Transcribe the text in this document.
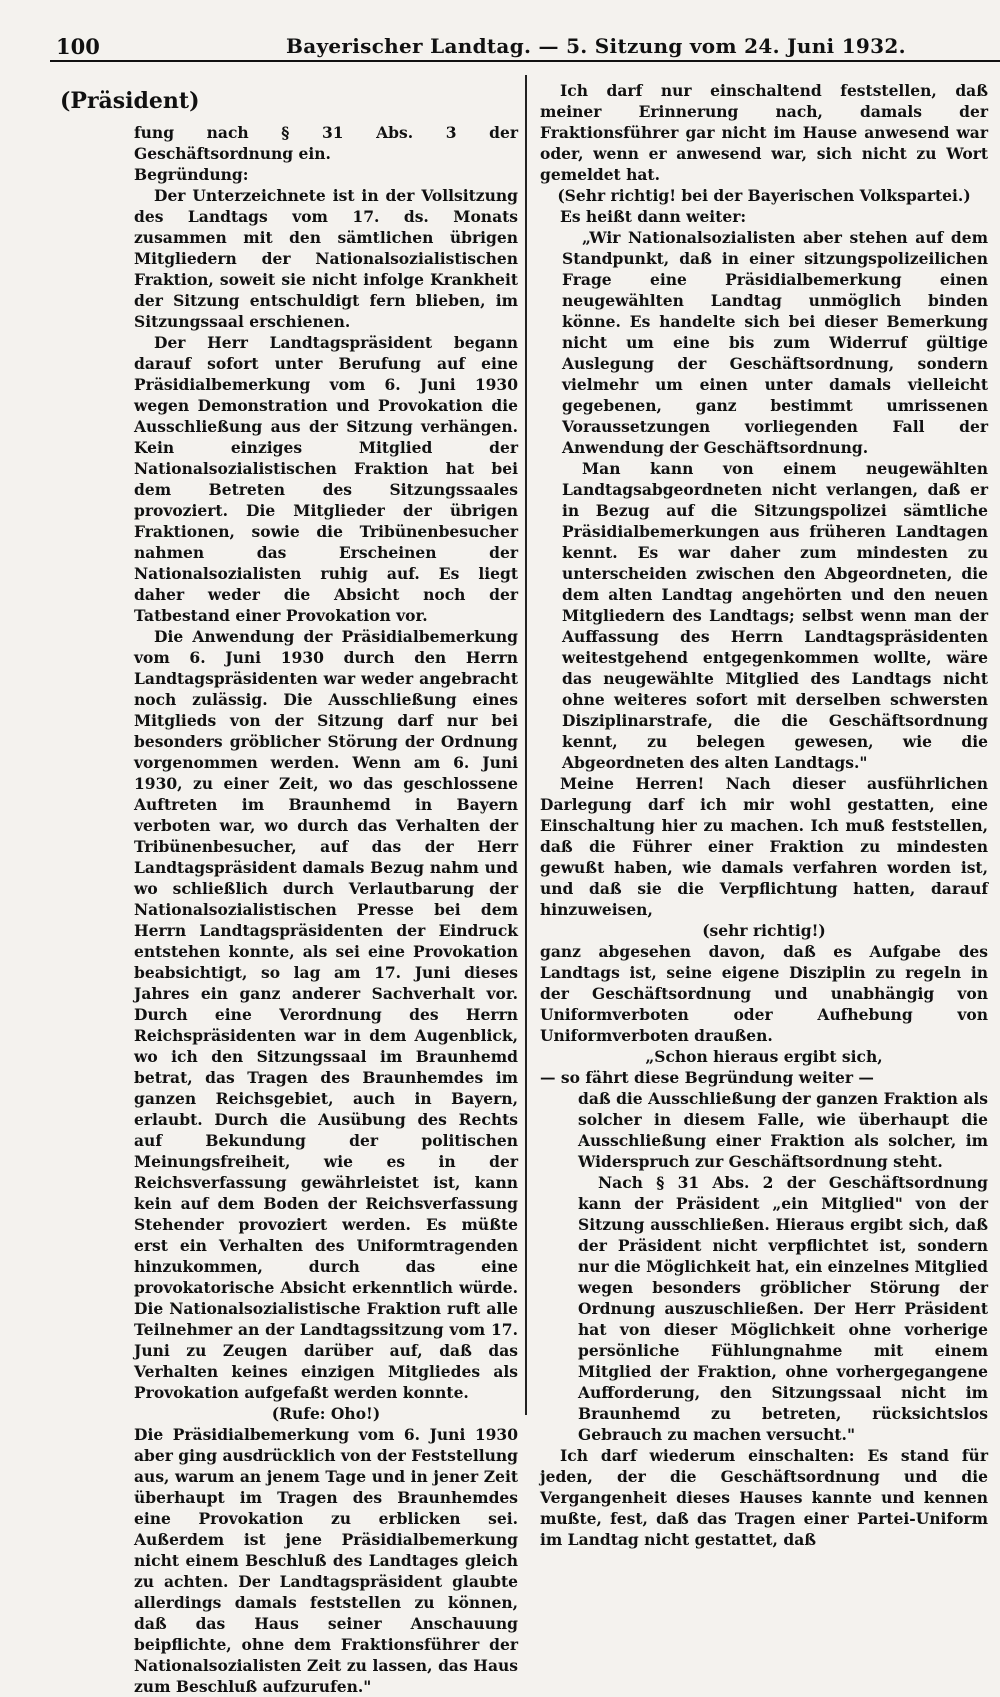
100	Bayerischer Landtag. — 5. Sitzung vom 24. Juni 1932.
(Präsident)

fung nach § 31 Abs. 3 der Geschäftsordnung ein.

Begründung:

Der Unterzeichnete ist in der Vollsitzung des Landtags vom 17. ds. Monats zusammen mit den sämtlichen übrigen Mitgliedern der Nationalsozialistischen Fraktion, soweit sie nicht infolge Krankheit der Sitzung entschuldigt fern blieben, im Sitzungssaal erschienen.

Der Herr Landtagspräsident begann darauf sofort unter Berufung auf eine Präsidialbemerkung vom 6. Juni 1930 wegen Demonstration und Provokation die Ausschließung aus der Sitzung verhängen. Kein einziges Mitglied der Nationalsozialistischen Fraktion hat bei dem Betreten des Sitzungssaales provoziert. Die Mitglieder der übrigen Fraktionen, sowie die Tribünenbesucher nahmen das Erscheinen der Nationalsozialisten ruhig auf. Es liegt daher weder die Absicht noch der Tatbestand einer Provokation vor.

Die Anwendung der Präsidialbemerkung vom 6. Juni 1930 durch den Herrn Landtagspräsidenten war weder angebracht noch zulässig. Die Ausschließung eines Mitglieds von der Sitzung darf nur bei besonders gröblicher Störung der Ordnung vorgenommen werden. Wenn am 6. Juni 1930, zu einer Zeit, wo das geschlossene Auftreten im Braunhemd in Bayern verboten war, wo durch das Verhalten der Tribünenbesucher, auf das der Herr Landtagspräsident damals Bezug nahm und wo schließlich durch Verlautbarung der Nationalsozialistischen Presse bei dem Herrn Landtagspräsidenten der Eindruck entstehen konnte, als sei eine Provokation beabsichtigt, so lag am 17. Juni dieses Jahres ein ganz anderer Sachverhalt vor. Durch eine Verordnung des Herrn Reichspräsidenten war in dem Augenblick, wo ich den Sitzungssaal im Braunhemd betrat, das Tragen des Braunhemdes im ganzen Reichsgebiet, auch in Bayern, erlaubt. Durch die Ausübung des Rechts auf Bekundung der politischen Meinungsfreiheit, wie es in der Reichsverfassung gewährleistet ist, kann kein auf dem Boden der Reichsverfassung Stehender provoziert werden. Es müßte erst ein Verhalten des Uniformtragenden hinzukommen, durch das eine provokatorische Absicht erkenntlich würde. Die Nationalsozialistische Fraktion ruft alle Teilnehmer an der Landtagssitzung vom 17. Juni zu Zeugen darüber auf, daß das Verhalten keines einzigen Mitgliedes als Provokation aufgefaßt werden konnte.

(Rufe: Oho!)

Die Präsidialbemerkung vom 6. Juni 1930 aber ging ausdrücklich von der Feststellung aus, warum an jenem Tage und in jener Zeit überhaupt im Tragen des Braunhemdes eine Provokation zu erblicken sei. Außerdem ist jene Präsidialbemerkung nicht einem Beschluß des Landtages gleich zu achten. Der Landtagspräsident glaubte allerdings damals feststellen zu können, daß das Haus seiner Anschauung beipflichte, ohne dem Fraktionsführer der Nationalsozialisten Zeit zu lassen, das Haus zum Beschluß aufzurufen."

Ich darf nur einschaltend feststellen, daß meiner Erinnerung nach, damals der Fraktionsführer gar nicht im Hause anwesend war oder, wenn er anwesend war, sich nicht zu Wort gemeldet hat.

(Sehr richtig! bei der Bayerischen Volkspartei.)

Es heißt dann weiter:

„Wir Nationalsozialisten aber stehen auf dem Standpunkt, daß in einer sitzungspolizeilichen Frage eine Präsidialbemerkung einen neugewählten Landtag unmöglich binden könne. Es handelte sich bei dieser Bemerkung nicht um eine bis zum Widerruf gültige Auslegung der Geschäftsordnung, sondern vielmehr um einen unter damals vielleicht gegebenen, ganz bestimmt umrissenen Voraussetzungen vorliegenden Fall der Anwendung der Geschäftsordnung.

Man kann von einem neugewählten Landtagsabgeordneten nicht verlangen, daß er in Bezug auf die Sitzungspolizei sämtliche Präsidialbemerkungen aus früheren Landtagen kennt. Es war daher zum mindesten zu unterscheiden zwischen den Abgeordneten, die dem alten Landtag angehörten und den neuen Mitgliedern des Landtags; selbst wenn man der Auffassung des Herrn Landtagspräsidenten weitestgehend entgegenkommen wollte, wäre das neugewählte Mitglied des Landtags nicht ohne weiteres sofort mit derselben schwersten Disziplinarstrafe, die die Geschäftsordnung kennt, zu belegen gewesen, wie die Abgeordneten des alten Landtags."

Meine Herren! Nach dieser ausführlichen Darlegung darf ich mir wohl gestatten, eine Einschaltung hier zu machen. Ich muß feststellen, daß die Führer einer Fraktion zu mindesten gewußt haben, wie damals verfahren worden ist, und daß sie die Verpflichtung hatten, darauf hinzuweisen,

(sehr richtig!)

ganz abgesehen davon, daß es Aufgabe des Landtags ist, seine eigene Disziplin zu regeln in der Geschäftsordnung und unabhängig von Uniformverboten oder Aufhebung von Uniformverboten draußen.

„Schon hieraus ergibt sich,

— so fährt diese Begründung weiter —

daß die Ausschließung der ganzen Fraktion als solcher in diesem Falle, wie überhaupt die Ausschließung einer Fraktion als solcher, im Widerspruch zur Geschäftsordnung steht.

Nach § 31 Abs. 2 der Geschäftsordnung kann der Präsident „ein Mitglied" von der Sitzung ausschließen. Hieraus ergibt sich, daß der Präsident nicht verpflichtet ist, sondern nur die Möglichkeit hat, ein einzelnes Mitglied wegen besonders gröblicher Störung der Ordnung auszuschließen. Der Herr Präsident hat von dieser Möglichkeit ohne vorherige persönliche Fühlungnahme mit einem Mitglied der Fraktion, ohne vorhergegangene Aufforderung, den Sitzungssaal nicht im Braunhemd zu betreten, rücksichtslos Gebrauch zu machen versucht."

Ich darf wiederum einschalten: Es stand für jeden, der die Geschäftsordnung und die Vergangenheit dieses Hauses kannte und kennen mußte, fest, daß das Tragen einer Partei-Uniform im Landtag nicht gestattet, daß
